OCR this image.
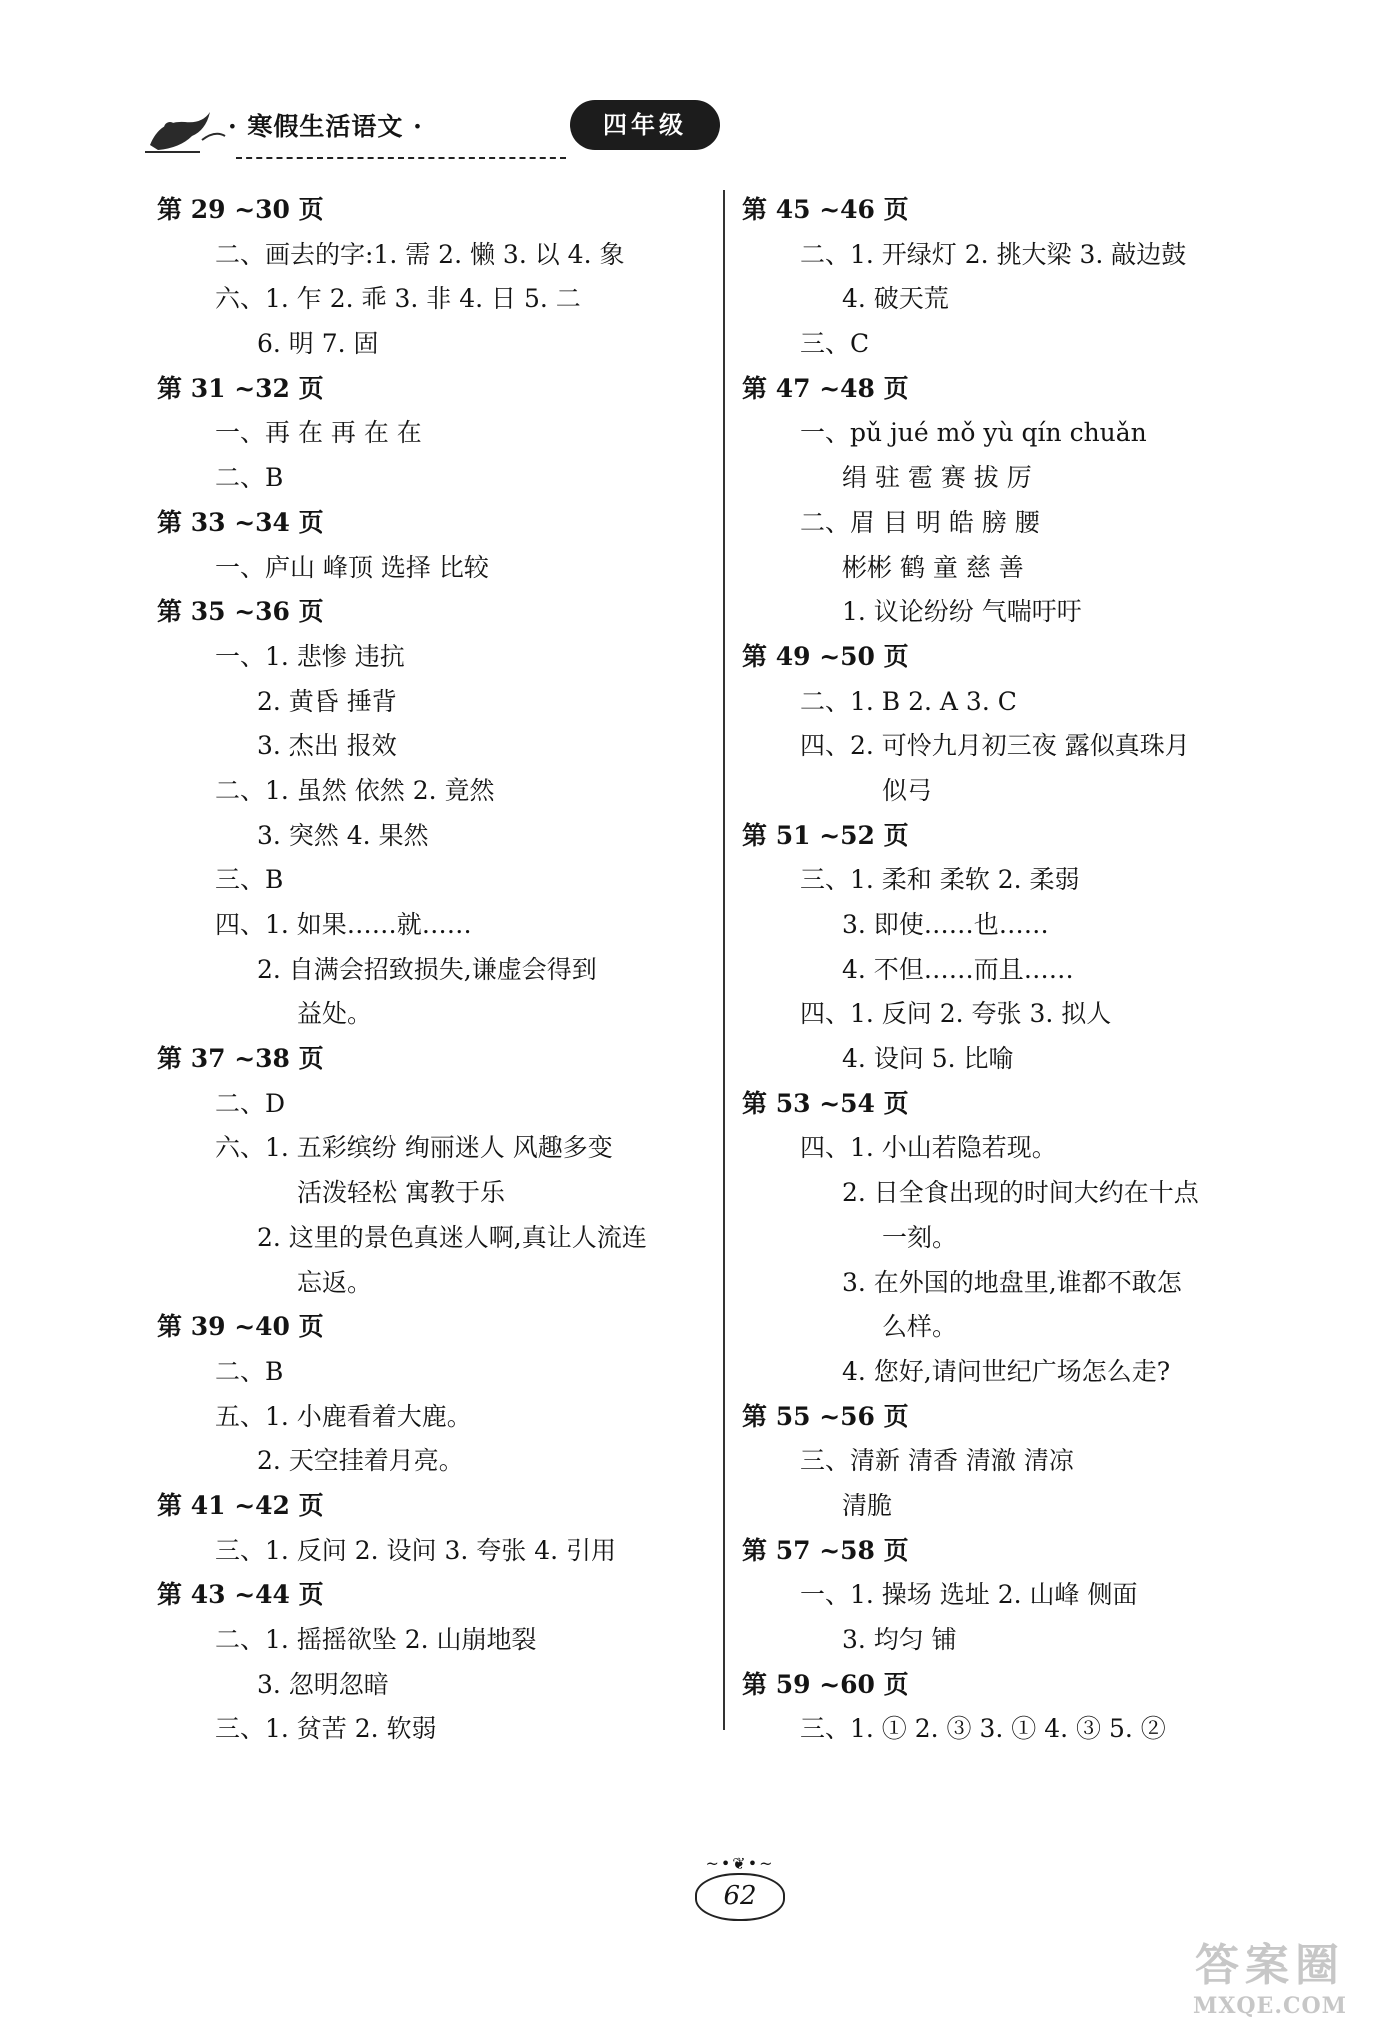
· 寒假生活语文 ·	四年级
第 29 ~30 页
二、画去的字:1. 需 2. 懒 3. 以 4. 象
六、1. 乍 2. 乖 3. 非 4. 日 5. 二
6. 明 7. 固
第 31 ~32 页
一、再 在 再 在 在
二、B
第 33 ~34 页
一、庐山 峰顶 选择 比较
第 35 ~36 页
一、1. 悲惨 违抗
2. 黄昏 捶背
3. 杰出 报效
二、1. 虽然 依然 2. 竟然
3. 突然 4. 果然
三、B
四、1. 如果……就……
2. 自满会招致损失,谦虚会得到
益处。
第 37 ~38 页
二、D
六、1. 五彩缤纷 绚丽迷人 风趣多变
活泼轻松 寓教于乐
2. 这里的景色真迷人啊,真让人流连
忘返。
第 39 ~40 页
二、B
五、1. 小鹿看着大鹿。
2. 天空挂着月亮。
第 41 ~42 页
三、1. 反问 2. 设问 3. 夸张 4. 引用
第 43 ~44 页
二、1. 摇摇欲坠 2. 山崩地裂
3. 忽明忽暗
三、1. 贫苦 2. 软弱
第 45 ~46 页
二、1. 开绿灯 2. 挑大梁 3. 敲边鼓
4. 破天荒
三、C
第 47 ~48 页
一、pǔ jué mǒ yù qín chuǎn
绢 驻 雹 赛 拔 厉
二、眉 目 明 皓 膀 腰
彬彬 鹤 童 慈 善
1. 议论纷纷 气喘吁吁
第 49 ~50 页
二、1. B 2. A 3. C
四、2. 可怜九月初三夜 露似真珠月
似弓
第 51 ~52 页
三、1. 柔和 柔软 2. 柔弱
3. 即使……也……
4. 不但……而且……
四、1. 反问 2. 夸张 3. 拟人
4. 设问 5. 比喻
第 53 ~54 页
四、1. 小山若隐若现。
2. 日全食出现的时间大约在十点
一刻。
3. 在外国的地盘里,谁都不敢怎
么样。
4. 您好,请问世纪广场怎么走?
第 55 ~56 页
三、清新 清香 清澈 清凉
清脆
第 57 ~58 页
一、1. 操场 选址 2. 山峰 侧面
3. 均匀 铺
第 59 ~60 页
三、1. ① 2. ③ 3. ① 4. ③ 5. ②
~•❦•~
62
答案圈
MXQE.COM
